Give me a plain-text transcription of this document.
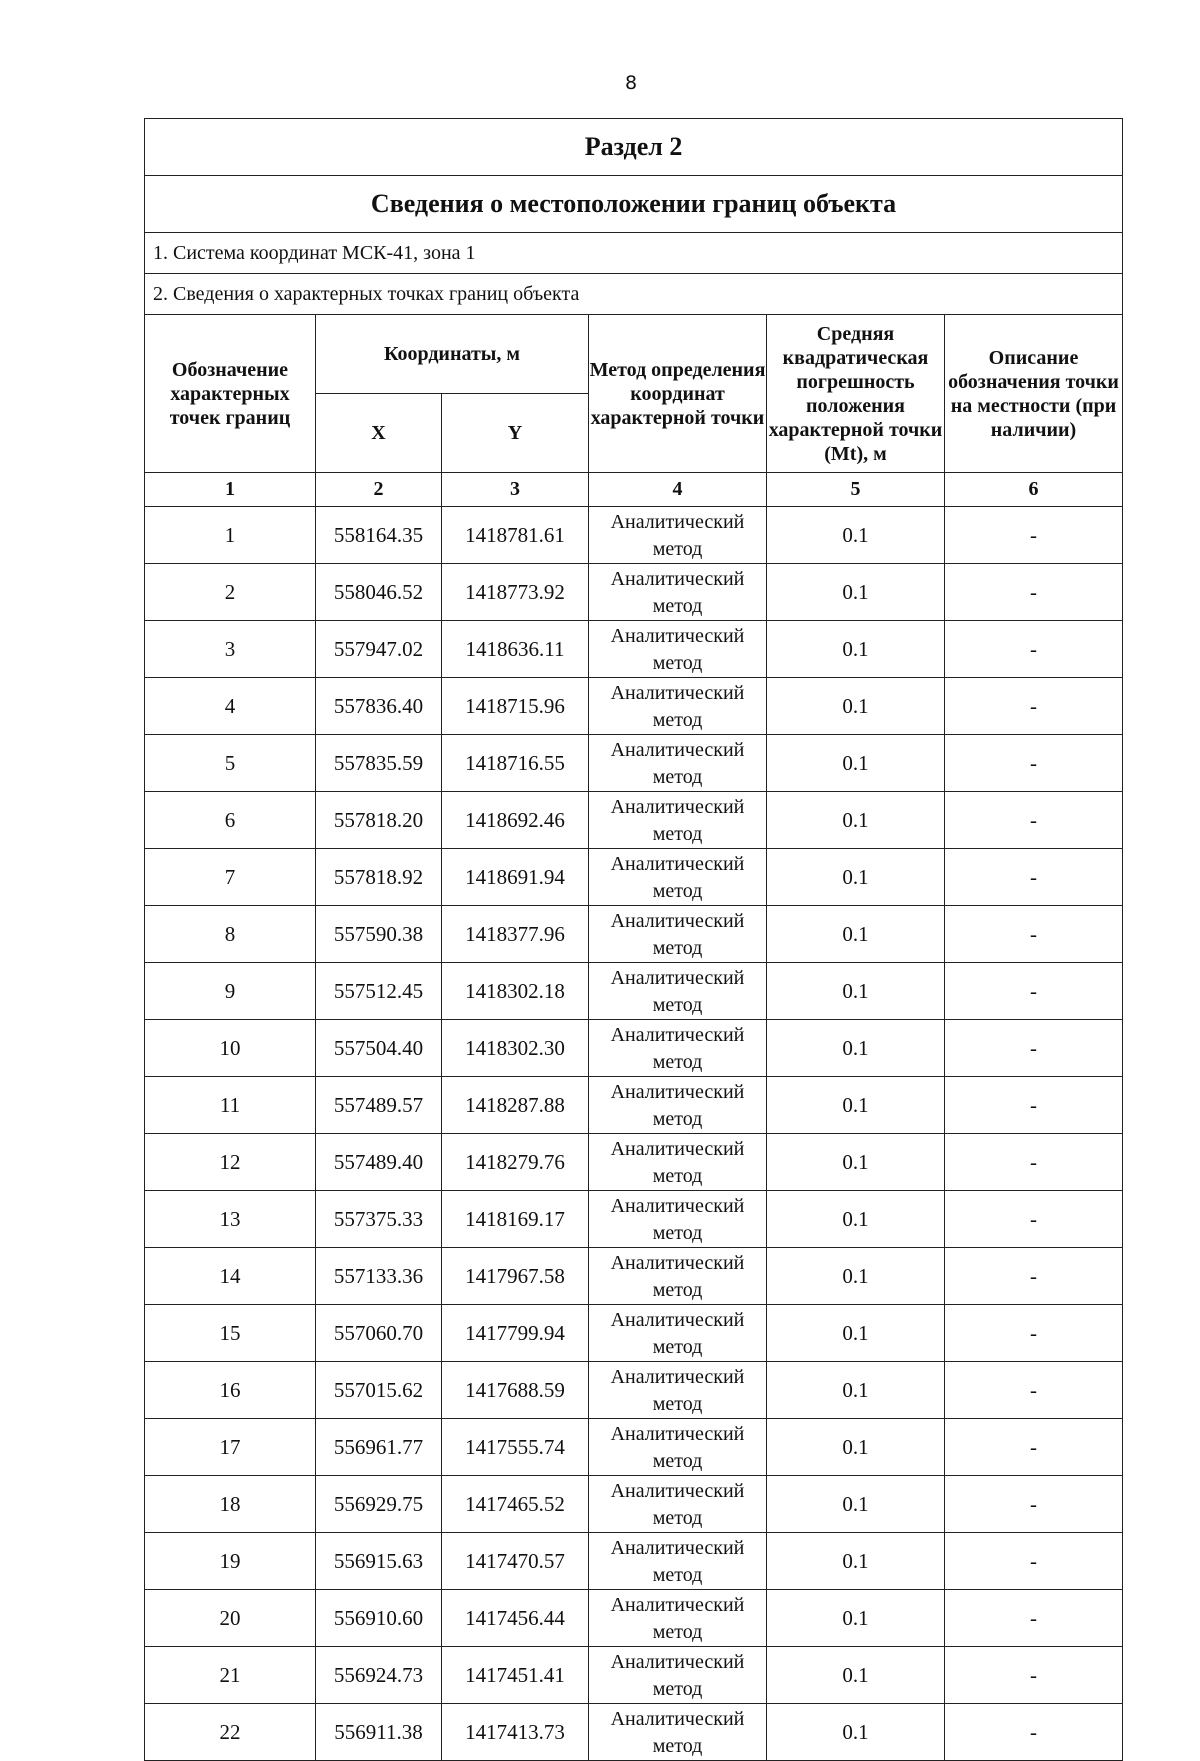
8
Раздел 2					
Сведения о местоположении границ объекта					
1. Система координат МСК-41, зона 1					
2. Сведения о характерных точках границ объекта					
Обозначение характерных точек границ	Координаты, м		Метод определения координат характерной точки	Средняя квадратическая погрешность положения характерной точки (Mt), м	Описание обозначения точки на местности (при наличии)
	X	Y			
1	2	3	4	5	6
1	558164.35	1418781.61	Аналитический метод	0.1	-
2	558046.52	1418773.92	Аналитический метод	0.1	-
3	557947.02	1418636.11	Аналитический метод	0.1	-
4	557836.40	1418715.96	Аналитический метод	0.1	-
5	557835.59	1418716.55	Аналитический метод	0.1	-
6	557818.20	1418692.46	Аналитический метод	0.1	-
7	557818.92	1418691.94	Аналитический метод	0.1	-
8	557590.38	1418377.96	Аналитический метод	0.1	-
9	557512.45	1418302.18	Аналитический метод	0.1	-
10	557504.40	1418302.30	Аналитический метод	0.1	-
11	557489.57	1418287.88	Аналитический метод	0.1	-
12	557489.40	1418279.76	Аналитический метод	0.1	-
13	557375.33	1418169.17	Аналитический метод	0.1	-
14	557133.36	1417967.58	Аналитический метод	0.1	-
15	557060.70	1417799.94	Аналитический метод	0.1	-
16	557015.62	1417688.59	Аналитический метод	0.1	-
17	556961.77	1417555.74	Аналитический метод	0.1	-
18	556929.75	1417465.52	Аналитический метод	0.1	-
19	556915.63	1417470.57	Аналитический метод	0.1	-
20	556910.60	1417456.44	Аналитический метод	0.1	-
21	556924.73	1417451.41	Аналитический метод	0.1	-
22	556911.38	1417413.73	Аналитический метод	0.1	-
